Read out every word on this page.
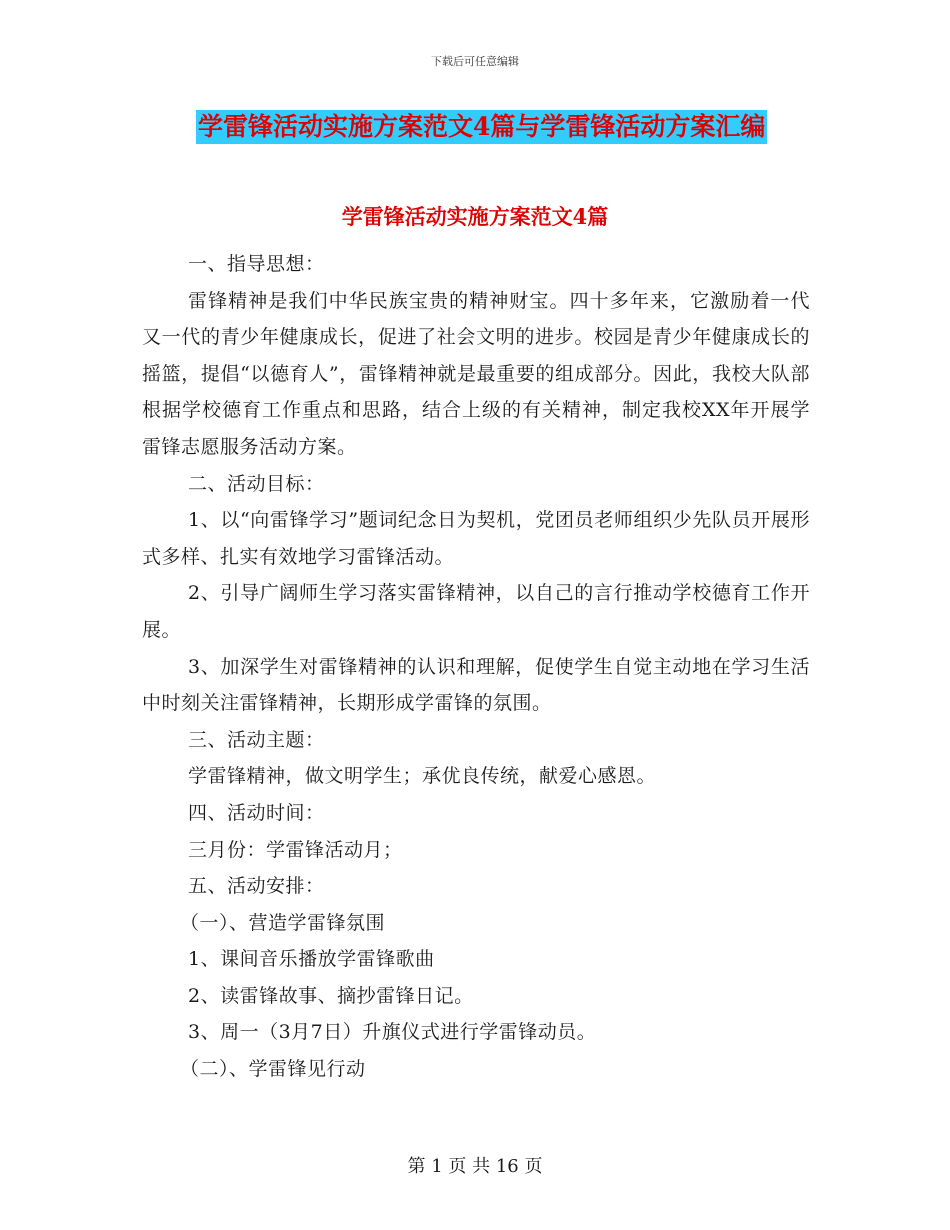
下载后可任意编辑
学雷锋活动实施方案范文4篇与学雷锋活动方案汇编
学雷锋活动实施方案范文4篇

一、指导思想：

雷锋精神是我们中华民族宝贵的精神财宝。四十多年来，它激励着一代又一代的青少年健康成长，促进了社会文明的进步。校园是青少年健康成长的摇篮，提倡“以德育人”，雷锋精神就是最重要的组成部分。因此，我校大队部根据学校德育工作重点和思路，结合上级的有关精神，制定我校XX年开展学雷锋志愿服务活动方案。

二、活动目标：

1、以“向雷锋学习”题词纪念日为契机，党团员老师组织少先队员开展形式多样、扎实有效地学习雷锋活动。

2、引导广阔师生学习落实雷锋精神，以自己的言行推动学校德育工作开展。

3、加深学生对雷锋精神的认识和理解，促使学生自觉主动地在学习生活中时刻关注雷锋精神，长期形成学雷锋的氛围。

三、活动主题：

学雷锋精神，做文明学生；承优良传统，献爱心感恩。

四、活动时间：

三月份：学雷锋活动月；

五、活动安排：

（一）、营造学雷锋氛围

1、课间音乐播放学雷锋歌曲

2、读雷锋故事、摘抄雷锋日记。

3、周一（3月7日）升旗仪式进行学雷锋动员。

（二）、学雷锋见行动

第 1 页 共 16 页
